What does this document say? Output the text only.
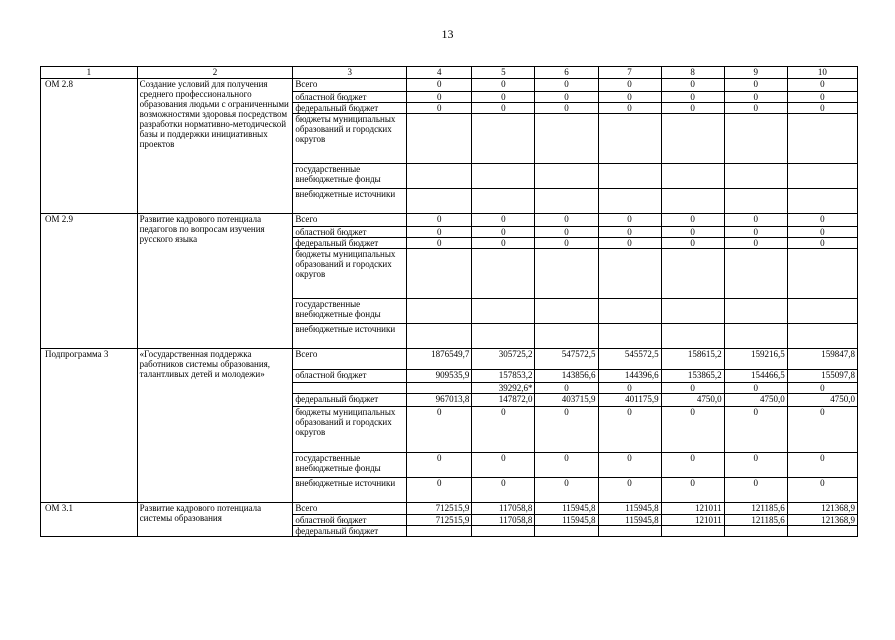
13
1	2	3	4	5	6	7	8	9	10
ОМ 2.8	Создание условий для получения среднего профессионального образования людьми с ограниченными возможностями здоровья посредством разработки нормативно-методической базы и поддержки инициативных проектов	Всего	0	0	0	0	0	0	0
		областной бюджет	0	0	0	0	0	0	0
		федеральный бюджет	0	0	0	0	0	0	0
		бюджеты муниципальных образований и городских округов							
		государственные внебюджетные фонды							
		внебюджетные источники							
ОМ 2.9	Развитие кадрового потенциала педагогов по вопросам изучения русского языка	Всего	0	0	0	0	0	0	0
		областной бюджет	0	0	0	0	0	0	0
		федеральный бюджет	0	0	0	0	0	0	0
		бюджеты муниципальных образований и городских округов							
		государственные внебюджетные фонды							
		внебюджетные источники							
Подпрограмма 3	«Государственная поддержка работников системы образования, талантливых детей и молодежи»	Всего	1876549,7	305725,2	547572,5	545572,5	158615,2	159216,5	159847,8
		областной бюджет	909535,9	157853,2	143856,6	144396,6	153865,2	154466,5	155097,8
				39292,6*	0	0	0	0	0
		федеральный бюджет	967013,8	147872,0	403715,9	401175,9	4750,0	4750,0	4750,0
		бюджеты муниципальных образований и городских округов	0	0	0	0	0	0	0
		государственные внебюджетные фонды	0	0	0	0	0	0	0
		внебюджетные источники	0	0	0	0	0	0	0
ОМ 3.1	Развитие кадрового потенциала системы образования	Всего	712515,9	117058,8	115945,8	115945,8	121011	121185,6	121368,9
		областной бюджет	712515,9	117058,8	115945,8	115945,8	121011	121185,6	121368,9
		федеральный бюджет							
